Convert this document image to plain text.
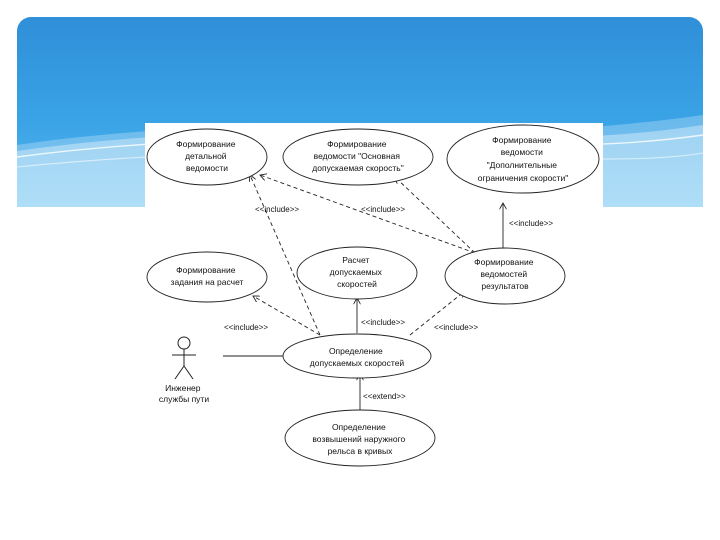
<<include>>	<<include>>
<<include>>
<<include>>
<<include>>	<<include>>
<<extend>>
Формирование детальной ведомости
Формирование ведомости "Основная допускаемая скорость"
Формирование ведомости "Дополнительные ограничения скорости"
Формирование задания на расчет
Расчет допускаемых скоростей
Формирование ведомостей результатов
Определение допускаемых скоростей
Определение возвышений наружного рельса в кривых
Инженер службы пути
